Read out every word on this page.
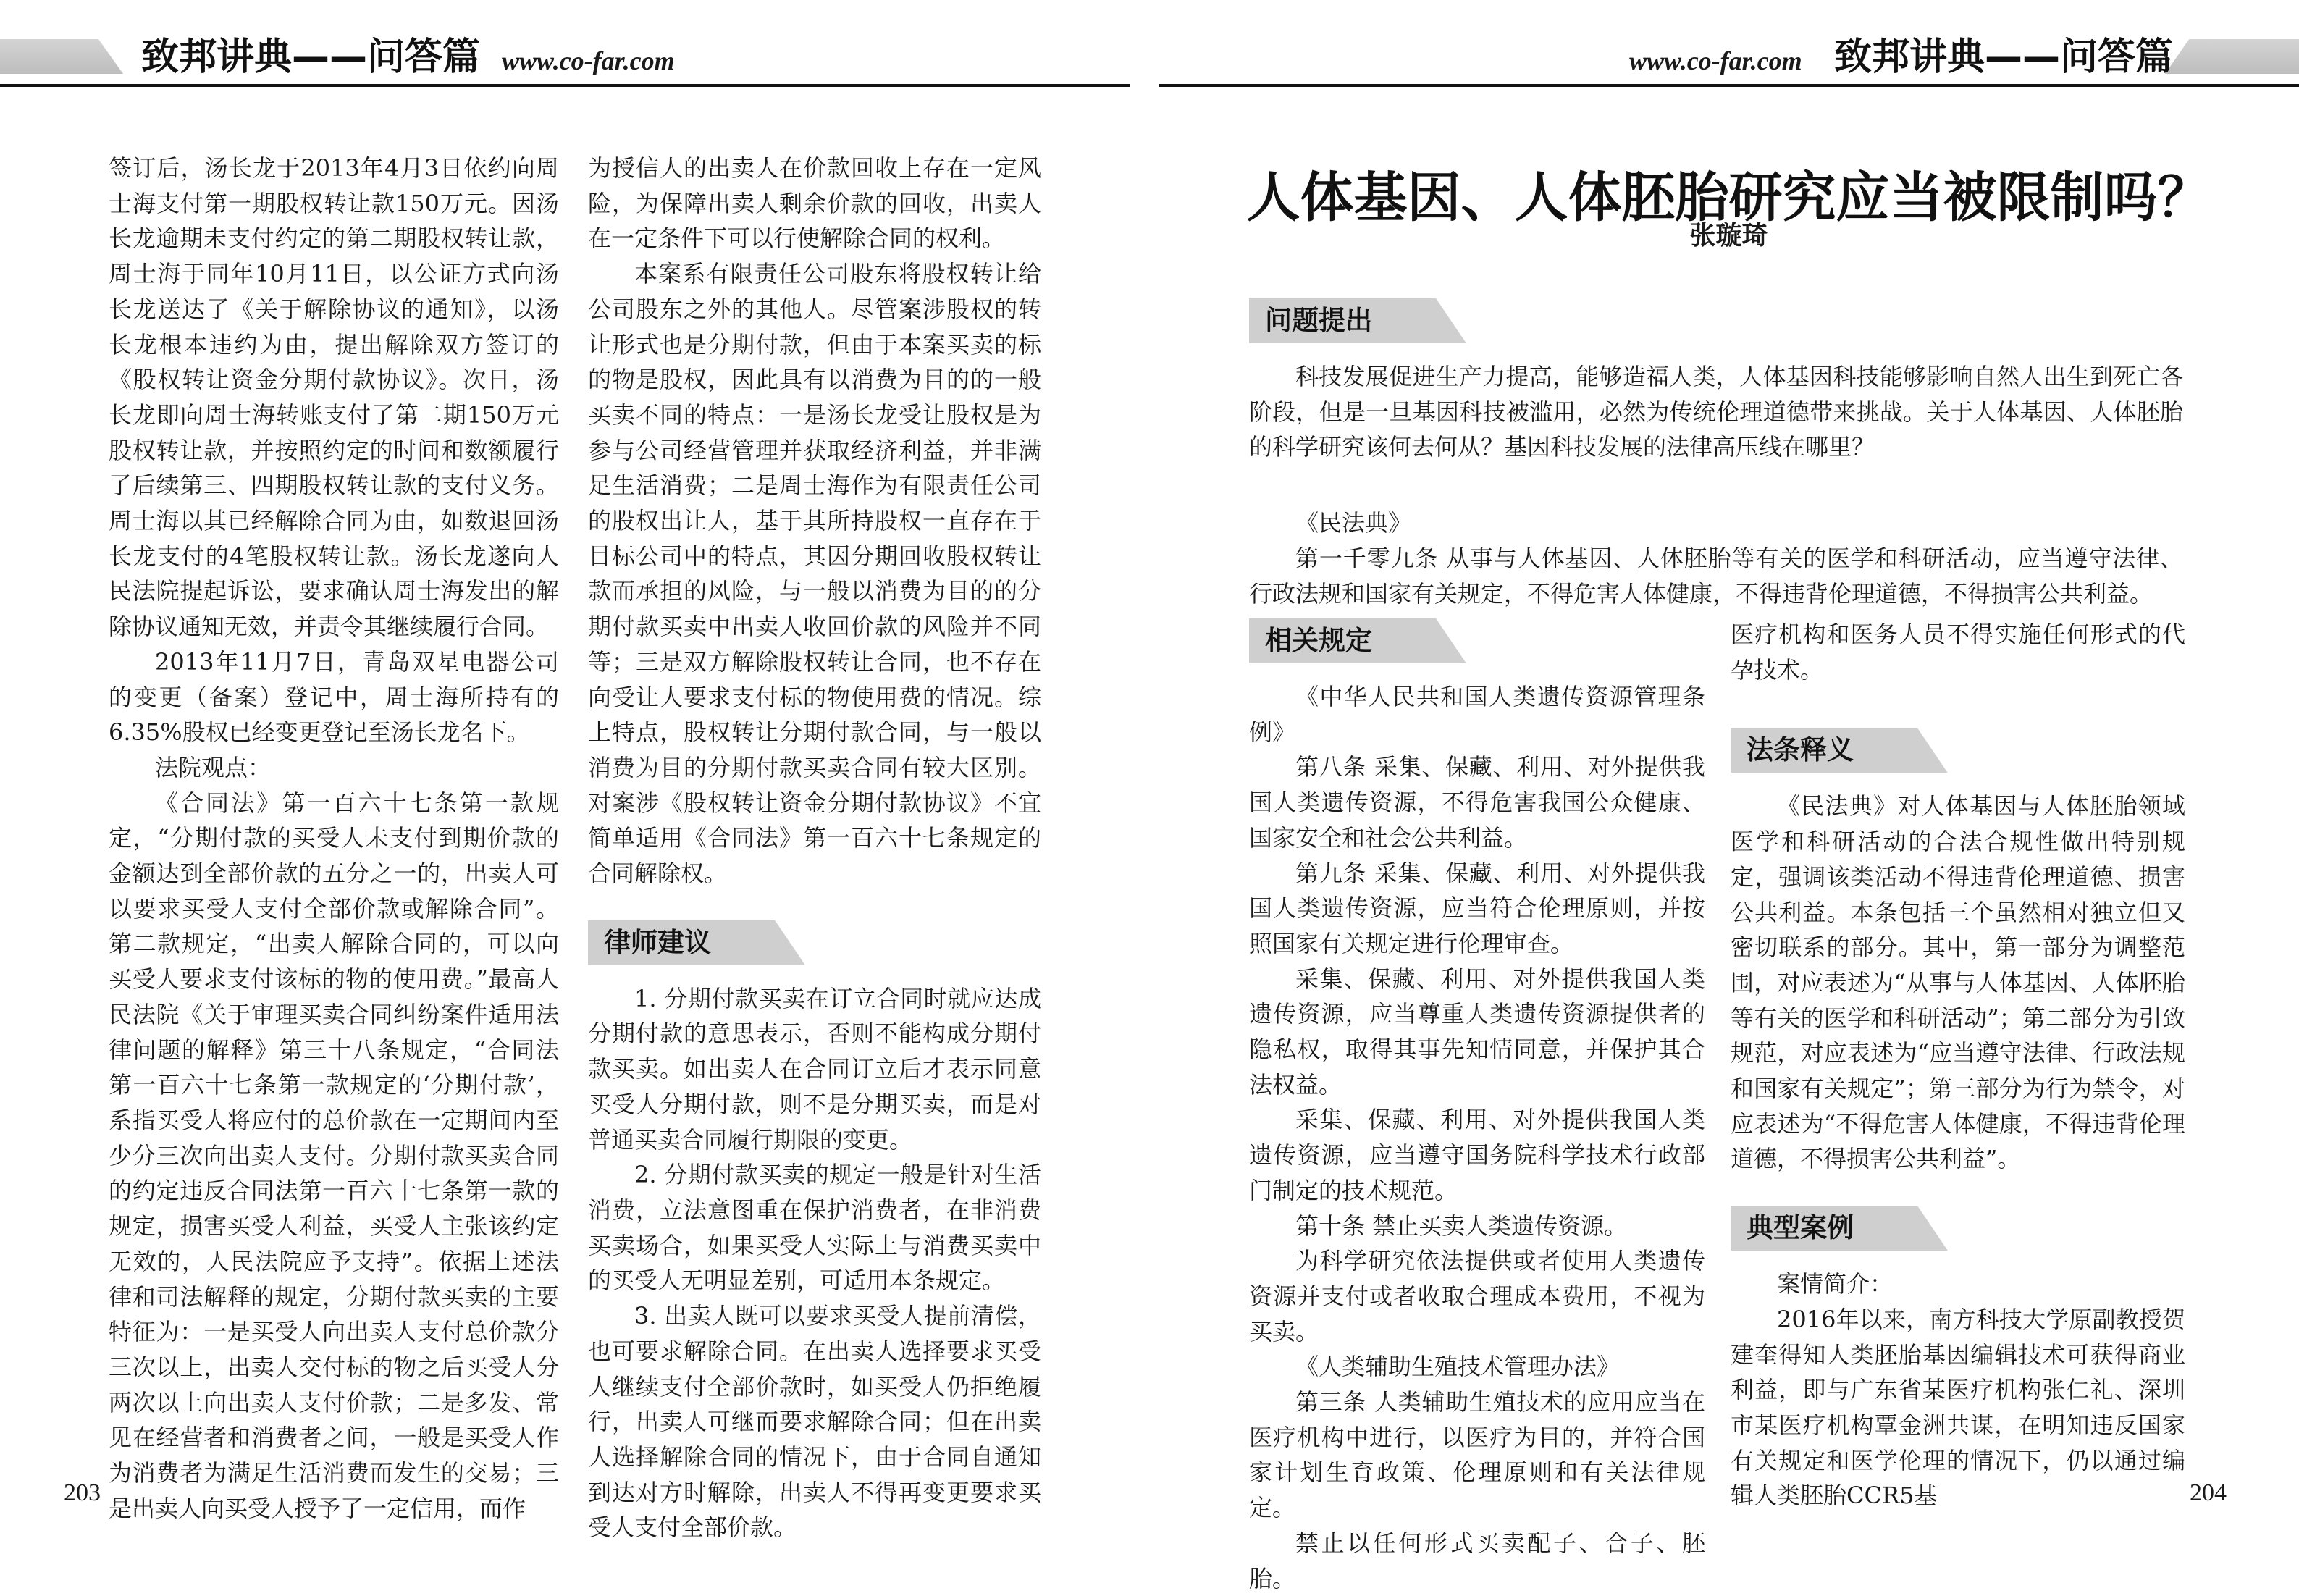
致邦讲典——问答篇 www.co-far.com	www.co-far.com 致邦讲典——问答篇

签订后，汤长龙于2013年4月3日依约向周士海支付第一期股权转让款150万元。因汤长龙逾期未支付约定的第二期股权转让款，周士海于同年10月11日，以公证方式向汤长龙送达了《关于解除协议的通知》，以汤长龙根本违约为由，提出解除双方签订的《股权转让资金分期付款协议》。次日，汤长龙即向周士海转账支付了第二期150万元股权转让款，并按照约定的时间和数额履行了后续第三、四期股权转让款的支付义务。周士海以其已经解除合同为由，如数退回汤长龙支付的4笔股权转让款。汤长龙遂向人民法院提起诉讼，要求确认周士海发出的解除协议通知无效，并责令其继续履行合同。

2013年11月7日，青岛双星电器公司的变更（备案）登记中，周士海所持有的6.35%股权已经变更登记至汤长龙名下。

法院观点：

《合同法》第一百六十七条第一款规定，“分期付款的买受人未支付到期价款的金额达到全部价款的五分之一的，出卖人可以要求买受人支付全部价款或解除合同”。第二款规定，“出卖人解除合同的，可以向买受人要求支付该标的物的使用费。”最高人民法院《关于审理买卖合同纠纷案件适用法律问题的解释》第三十八条规定，“合同法第一百六十七条第一款规定的‘分期付款’，系指买受人将应付的总价款在一定期间内至少分三次向出卖人支付。分期付款买卖合同的约定违反合同法第一百六十七条第一款的规定，损害买受人利益，买受人主张该约定无效的，人民法院应予支持”。依据上述法律和司法解释的规定，分期付款买卖的主要特征为：一是买受人向出卖人支付总价款分三次以上，出卖人交付标的物之后买受人分两次以上向出卖人支付价款；二是多发、常见在经营者和消费者之间，一般是买受人作为消费者为满足生活消费而发生的交易；三是出卖人向买受人授予了一定信用，而作

为授信人的出卖人在价款回收上存在一定风险，为保障出卖人剩余价款的回收，出卖人在一定条件下可以行使解除合同的权利。

本案系有限责任公司股东将股权转让给公司股东之外的其他人。尽管案涉股权的转让形式也是分期付款，但由于本案买卖的标的物是股权，因此具有以消费为目的的一般买卖不同的特点：一是汤长龙受让股权是为参与公司经营管理并获取经济利益，并非满足生活消费；二是周士海作为有限责任公司的股权出让人，基于其所持股权一直存在于目标公司中的特点，其因分期回收股权转让款而承担的风险，与一般以消费为目的的分期付款买卖中出卖人收回价款的风险并不同等；三是双方解除股权转让合同，也不存在向受让人要求支付标的物使用费的情况。综上特点，股权转让分期付款合同，与一般以消费为目的分期付款买卖合同有较大区别。对案涉《股权转让资金分期付款协议》不宜简单适用《合同法》第一百六十七条规定的合同解除权。

律师建议

1. 分期付款买卖在订立合同时就应达成分期付款的意思表示，否则不能构成分期付款买卖。如出卖人在合同订立后才表示同意买受人分期付款，则不是分期买卖，而是对普通买卖合同履行期限的变更。

2. 分期付款买卖的规定一般是针对生活消费，立法意图重在保护消费者，在非消费买卖场合，如果买受人实际上与消费买卖中的买受人无明显差别，可适用本条规定。

3. 出卖人既可以要求买受人提前清偿，也可要求解除合同。在出卖人选择要求买受人继续支付全部价款时，如买受人仍拒绝履行，出卖人可继而要求解除合同；但在出卖人选择解除合同的情况下，由于合同自通知到达对方时解除，出卖人不得再变更要求买受人支付全部价款。

203
人体基因、人体胚胎研究应当被限制吗？
张璇琦
问题提出

科技发展促进生产力提高，能够造福人类，人体基因科技能够影响自然人出生到死亡各阶段，但是一旦基因科技被滥用，必然为传统伦理道德带来挑战。关于人体基因、人体胚胎的科学研究该何去何从？基因科技发展的法律高压线在哪里？

《民法典》

第一千零九条 从事与人体基因、人体胚胎等有关的医学和科研活动，应当遵守法律、行政法规和国家有关规定，不得危害人体健康，不得违背伦理道德，不得损害公共利益。

相关规定

《中华人民共和国人类遗传资源管理条例》

第八条 采集、保藏、利用、对外提供我国人类遗传资源，不得危害我国公众健康、国家安全和社会公共利益。

第九条 采集、保藏、利用、对外提供我国人类遗传资源，应当符合伦理原则，并按照国家有关规定进行伦理审查。

采集、保藏、利用、对外提供我国人类遗传资源，应当尊重人类遗传资源提供者的隐私权，取得其事先知情同意，并保护其合法权益。

采集、保藏、利用、对外提供我国人类遗传资源，应当遵守国务院科学技术行政部门制定的技术规范。

第十条 禁止买卖人类遗传资源。

为科学研究依法提供或者使用人类遗传资源并支付或者收取合理成本费用，不视为买卖。

《人类辅助生殖技术管理办法》

第三条 人类辅助生殖技术的应用应当在医疗机构中进行，以医疗为目的，并符合国家计划生育政策、伦理原则和有关法律规定。

禁止以任何形式买卖配子、合子、胚胎。

医疗机构和医务人员不得实施任何形式的代孕技术。

法条释义

《民法典》对人体基因与人体胚胎领域医学和科研活动的合法合规性做出特别规定，强调该类活动不得违背伦理道德、损害公共利益。本条包括三个虽然相对独立但又密切联系的部分。其中，第一部分为调整范围，对应表述为“从事与人体基因、人体胚胎等有关的医学和科研活动”；第二部分为引致规范，对应表述为“应当遵守法律、行政法规和国家有关规定”；第三部分为行为禁令，对应表述为“不得危害人体健康，不得违背伦理道德，不得损害公共利益”。

典型案例

案情简介：

2016年以来，南方科技大学原副教授贺建奎得知人类胚胎基因编辑技术可获得商业利益，即与广东省某医疗机构张仁礼、深圳市某医疗机构覃金洲共谋，在明知违反国家有关规定和医学伦理的情况下，仍以通过编辑人类胚胎CCR5基	204
